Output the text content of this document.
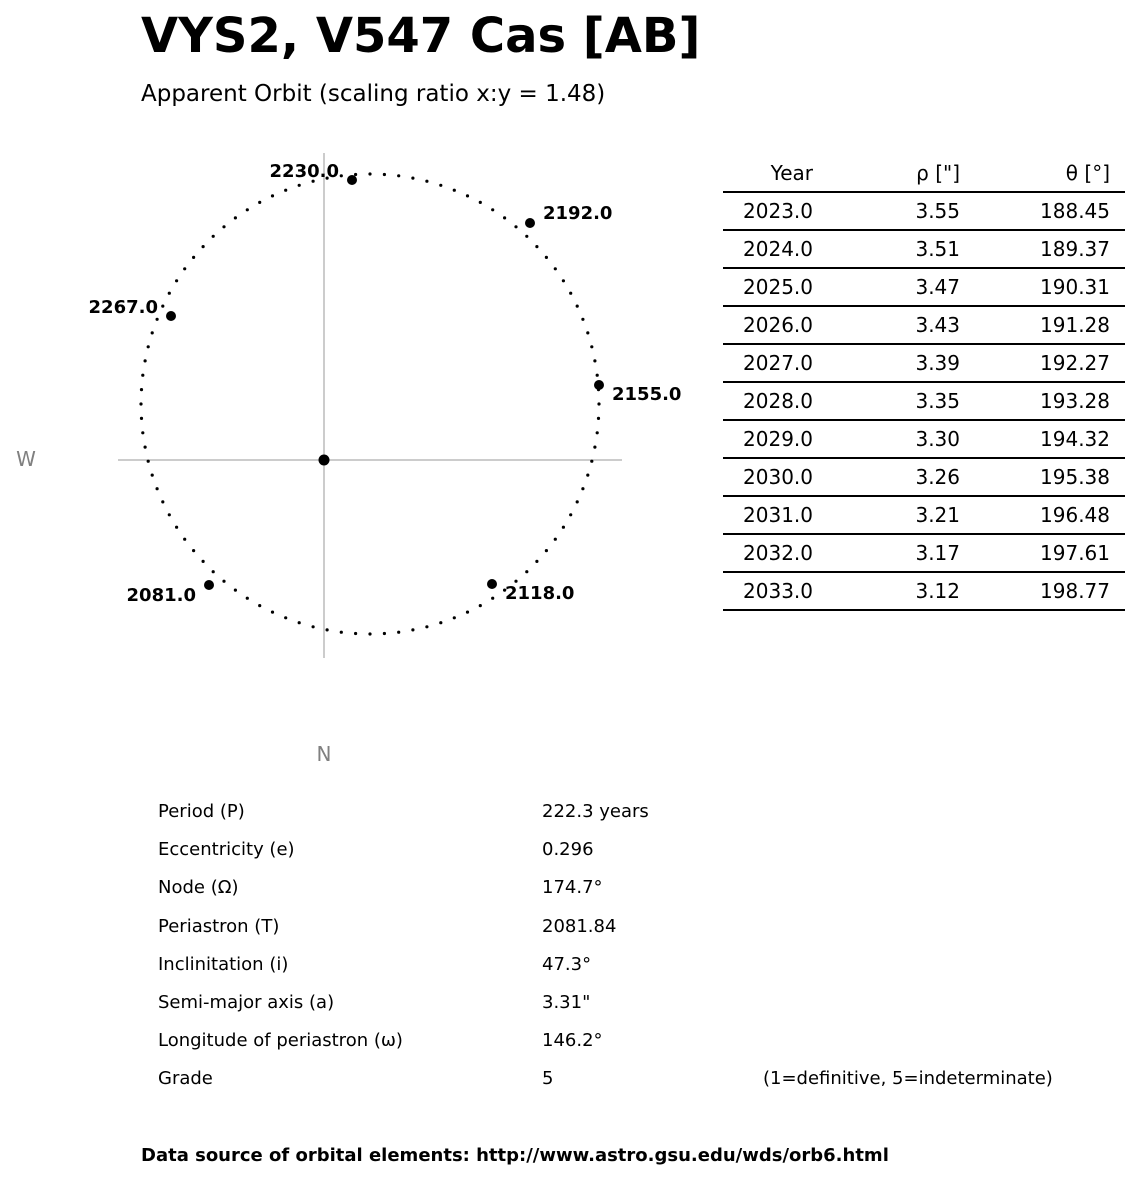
VYS2, V547 Cas [AB]
Apparent Orbit (scaling ratio x:y = 1.48)
W
N
2230.0
2192.0
2267.0
2155.0
2081.0	2118.0
Year	ρ ["]	θ [°]	
2023.0	3.55	188.45	
2024.0	3.51	189.37	
2025.0	3.47	190.31	
2026.0	3.43	191.28	
2027.0	3.39	192.27	
2028.0	3.35	193.28	
2029.0	3.30	194.32	
2030.0	3.26	195.38	
2031.0	3.21	196.48	
2032.0	3.17	197.61	
2033.0	3.12	198.77	
Period (P)	222.3 years
Eccentricity (e)	0.296
Node (Ω)	174.7°
Periastron (T)	2081.84
Inclinitation (i)	47.3°
Semi-major axis (a)	3.31"
Longitude of periastron (ω)	146.2°
Grade	5	(1=definitive, 5=indeterminate)
Data source of orbital elements: http://www.astro.gsu.edu/wds/orb6.html
